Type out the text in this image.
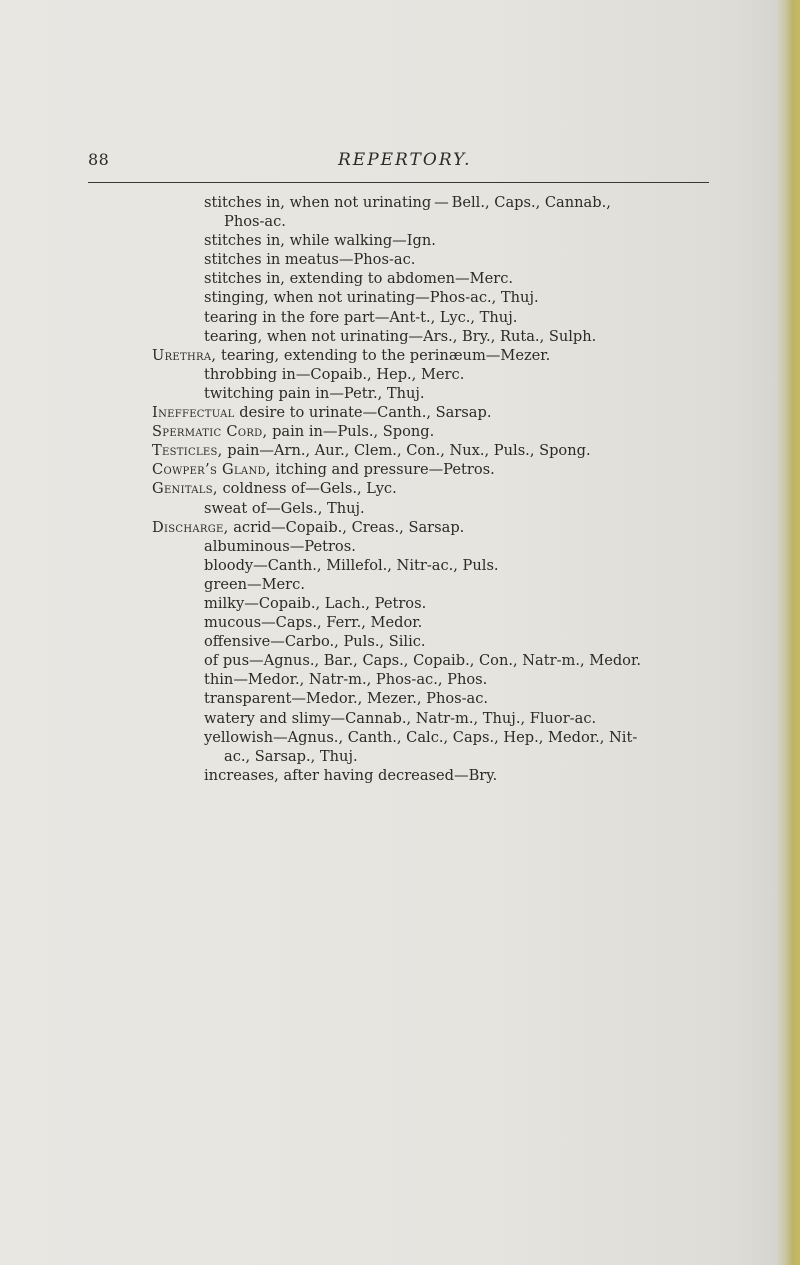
88	REPERTORY.
stitches in, when not urinating — Bell., Caps., Cannab.,
Phos-ac.
stitches in, while walking—Ign.
stitches in meatus—Phos-ac.
stitches in, extending to abdomen—Merc.
stinging, when not urinating—Phos-ac., Thuj.
tearing in the fore part—Ant-t., Lyc., Thuj.
tearing, when not urinating—Ars., Bry., Ruta., Sulph.
Urethra, tearing, extending to the perinæum—Mezer.
throbbing in—Copaib., Hep., Merc.
twitching pain in—Petr., Thuj.
Ineffectual desire to urinate—Canth., Sarsap.
Spermatic Cord, pain in—Puls., Spong.
Testicles, pain—Arn., Aur., Clem., Con., Nux., Puls., Spong.
Cowper’s Gland, itching and pressure—Petros.
Genitals, coldness of—Gels., Lyc.
sweat of—Gels., Thuj.
Discharge, acrid—Copaib., Creas., Sarsap.
albuminous—Petros.
bloody—Canth., Millefol., Nitr-ac., Puls.
green—Merc.
milky—Copaib., Lach., Petros.
mucous—Caps., Ferr., Medor.
offensive—Carbo., Puls., Silic.
of pus—Agnus., Bar., Caps., Copaib., Con., Natr-m., Medor.
thin—Medor., Natr-m., Phos-ac., Phos.
transparent—Medor., Mezer., Phos-ac.
watery and slimy—Cannab., Natr-m., Thuj., Fluor-ac.
yellowish—Agnus., Canth., Calc., Caps., Hep., Medor., Nit-
ac., Sarsap., Thuj.
increases, after having decreased—Bry.
